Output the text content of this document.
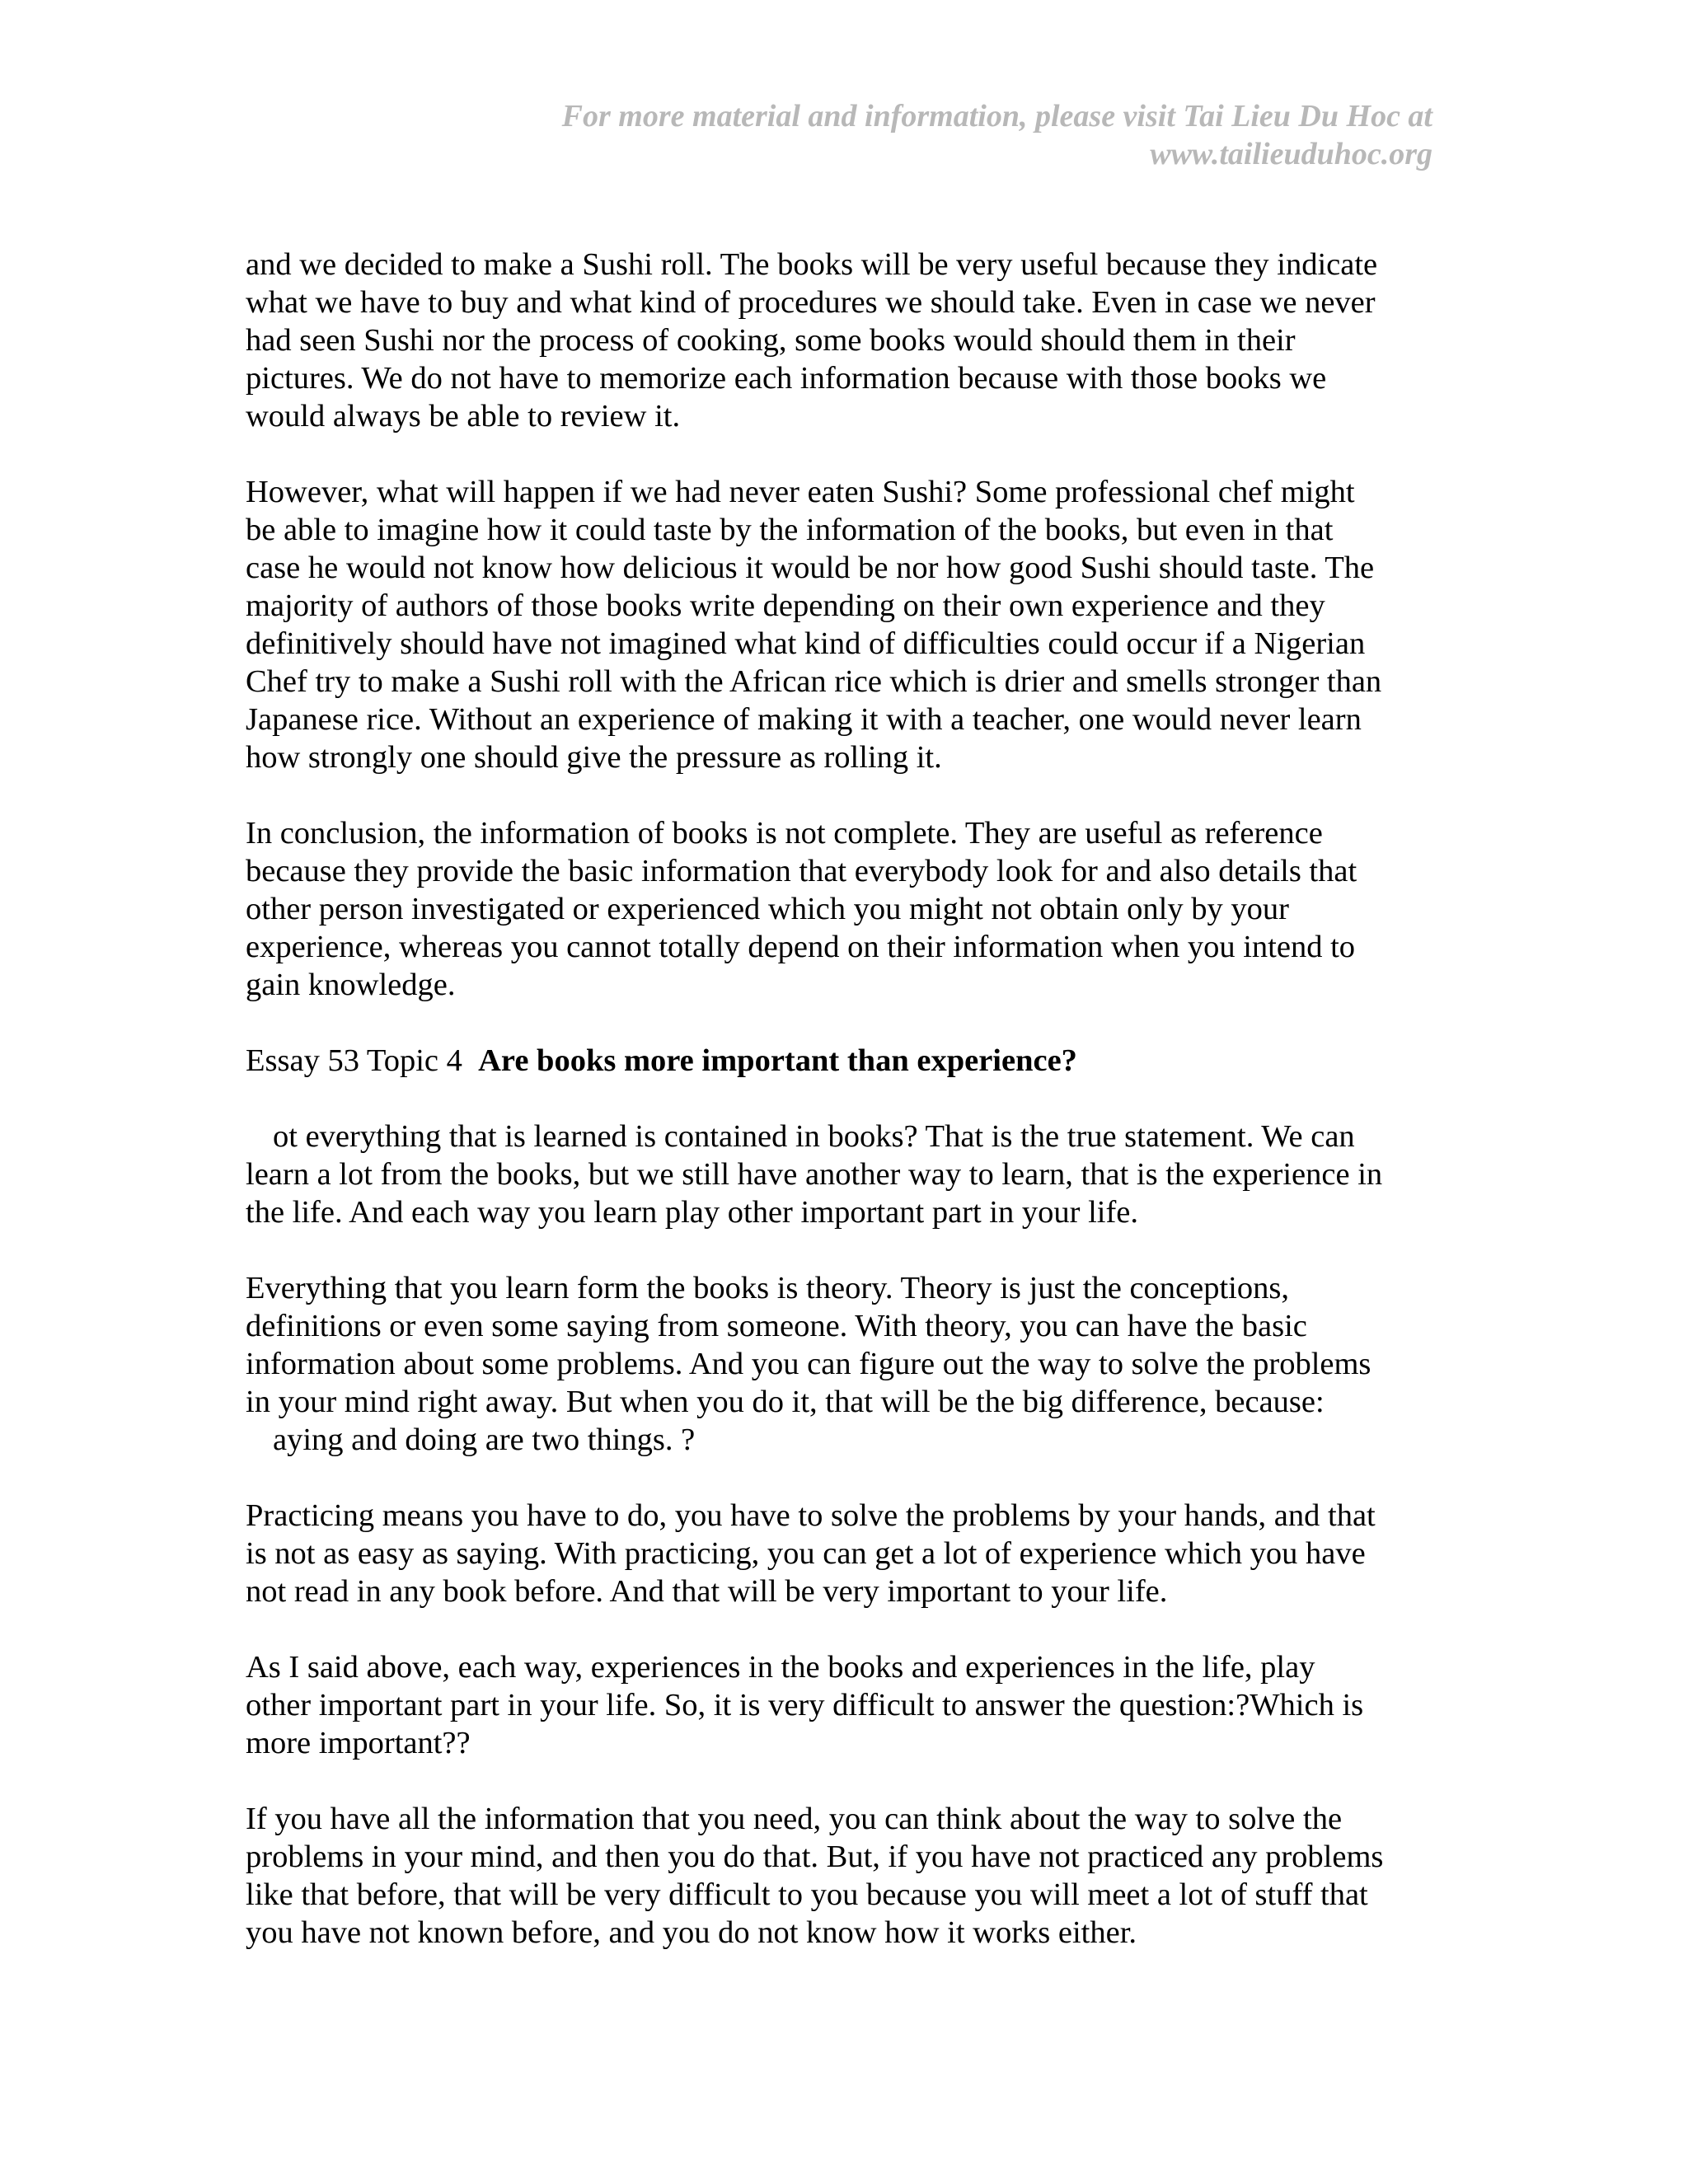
For more material and information, please visit Tai Lieu Du Hoc at
www.tailieuduhoc.org
and we decided to make a Sushi roll. The books will be very useful because they indicate
what we have to buy and what kind of procedures we should take. Even in case we never
had seen Sushi nor the process of cooking, some books would should them in their
pictures. We do not have to memorize each information because with those books we
would always be able to review it.
However, what will happen if we had never eaten Sushi? Some professional chef might
be able to imagine how it could taste by the information of the books, but even in that
case he would not know how delicious it would be nor how good Sushi should taste. The
majority of authors of those books write depending on their own experience and they
definitively should have not imagined what kind of difficulties could occur if a Nigerian
Chef try to make a Sushi roll with the African rice which is drier and smells stronger than
Japanese rice. Without an experience of making it with a teacher, one would never learn
how strongly one should give the pressure as rolling it.
In conclusion, the information of books is not complete. They are useful as reference
because they provide the basic information that everybody look for and also details that
other person investigated or experienced which you might not obtain only by your
experience, whereas you cannot totally depend on their information when you intend to
gain knowledge.
Essay 53 Topic 4 Are books more important than experience?
ot everything that is learned is contained in books? That is the true statement. We can
learn a lot from the books, but we still have another way to learn, that is the experience in
the life. And each way you learn play other important part in your life.
Everything that you learn form the books is theory. Theory is just the conceptions,
definitions or even some saying from someone. With theory, you can have the basic
information about some problems. And you can figure out the way to solve the problems
in your mind right away. But when you do it, that will be the big difference, because:
aying and doing are two things. ?
Practicing means you have to do, you have to solve the problems by your hands, and that
is not as easy as saying. With practicing, you can get a lot of experience which you have
not read in any book before. And that will be very important to your life.
As I said above, each way, experiences in the books and experiences in the life, play
other important part in your life. So, it is very difficult to answer the question:?Which is
more important??
If you have all the information that you need, you can think about the way to solve the
problems in your mind, and then you do that. But, if you have not practiced any problems
like that before, that will be very difficult to you because you will meet a lot of stuff that
you have not known before, and you do not know how it works either.
